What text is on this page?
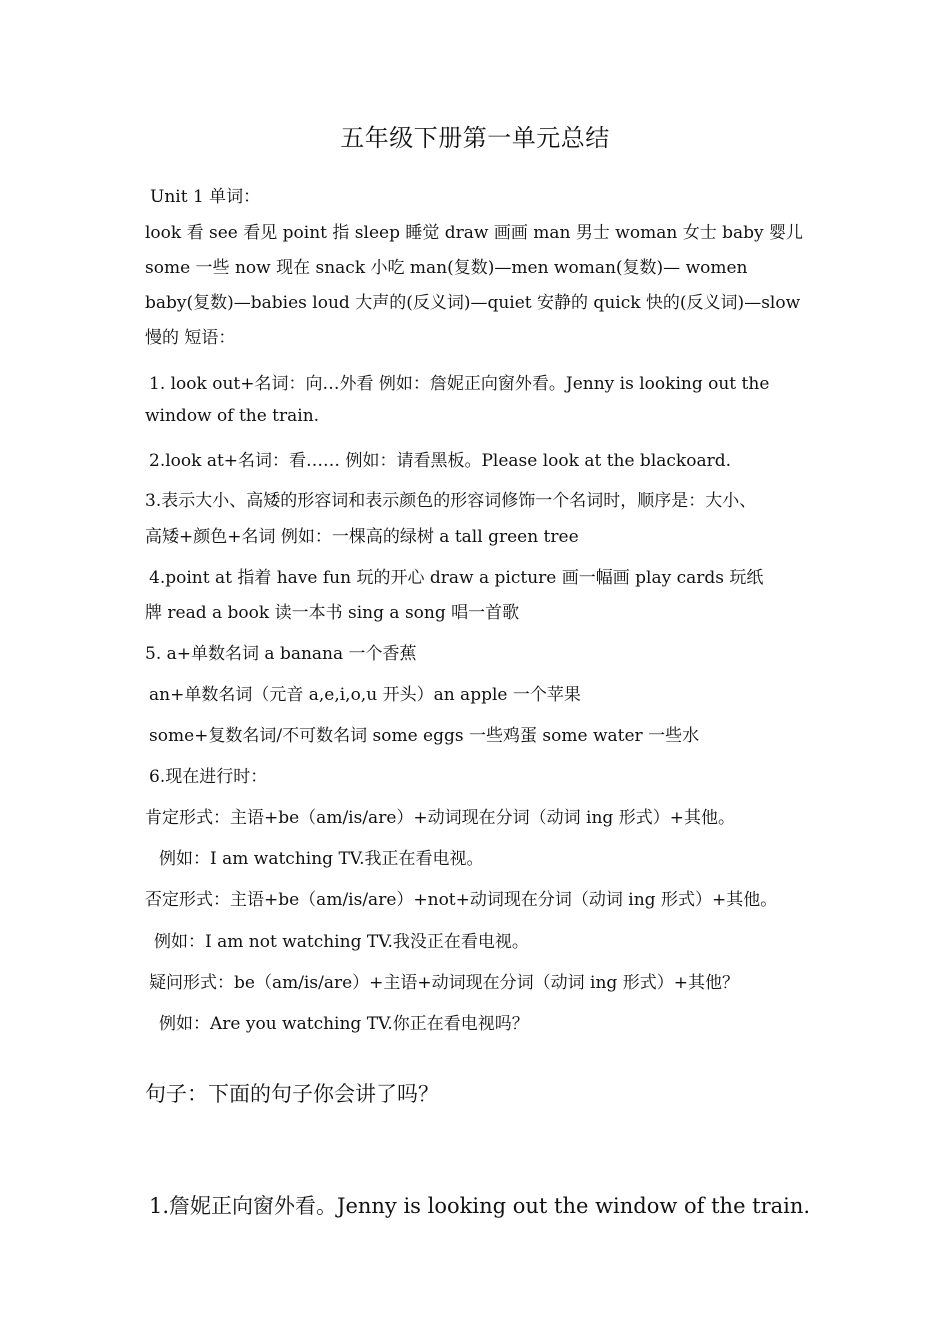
五年级下册第一单元总结
Unit 1 单词：
look 看 see 看见 point 指 sleep 睡觉 draw 画画 man 男士 woman 女士 baby 婴儿 some 一些 now 现在 snack 小吃 man(复数)—men woman(复数)— women baby(复数)—babies loud 大声的(反义词)—quiet 安静的 quick 快的(反义词)—slow 慢的 短语：
1. look out+名词：向…外看 例如：詹妮正向窗外看。Jenny is looking out the
window of the train.
2.look at+名词：看…… 例如：请看黑板。Please look at the blackoard.
3.表示大小、高矮的形容词和表示颜色的形容词修饰一个名词时，顺序是：大小、
高矮+颜色+名词 例如：一棵高的绿树 a tall green tree
4.point at 指着 have fun 玩的开心 draw a picture 画一幅画 play cards 玩纸
牌 read a book 读一本书 sing a song 唱一首歌
5. a+单数名词 a banana 一个香蕉
an+单数名词（元音 a,e,i,o,u 开头）an apple 一个苹果
some+复数名词/不可数名词 some eggs 一些鸡蛋 some water 一些水
6.现在进行时：
肯定形式：主语+be（am/is/are）+动词现在分词（动词 ing 形式）+其他。
例如：I am watching TV.我正在看电视。
否定形式：主语+be（am/is/are）+not+动词现在分词（动词 ing 形式）+其他。
例如：I am not watching TV.我没正在看电视。
疑问形式：be（am/is/are）+主语+动词现在分词（动词 ing 形式）+其他？
例如：Are you watching TV.你正在看电视吗？
句子：下面的句子你会讲了吗？
1.詹妮正向窗外看。Jenny is looking out the window of the train.
